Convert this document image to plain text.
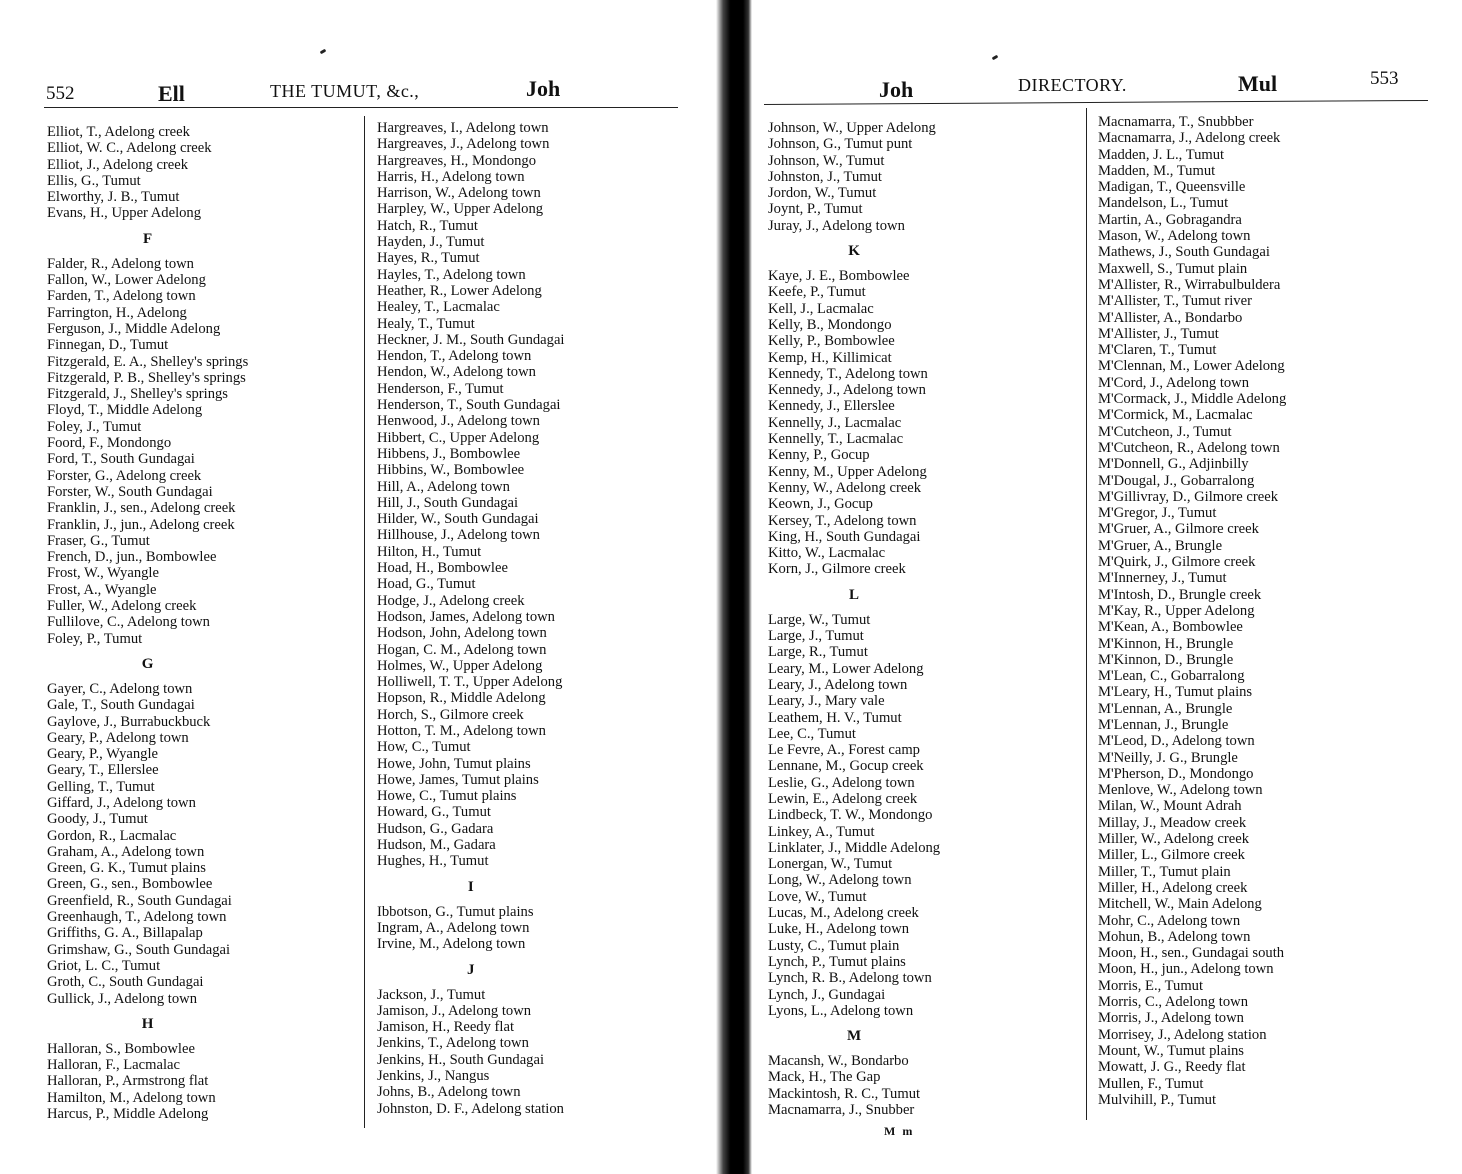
552	Ell	THE TUMUT, &c.,	Joh
Elliot, T., Adelong creek
Elliot, W. C., Adelong creek
Elliot, J., Adelong creek
Ellis, G., Tumut
Elworthy, J. B., Tumut
Evans, H., Upper Adelong
F
Falder, R., Adelong town
Fallon, W., Lower Adelong
Farden, T., Adelong town
Farrington, H., Adelong
Ferguson, J., Middle Adelong
Finnegan, D., Tumut
Fitzgerald, E. A., Shelley's springs
Fitzgerald, P. B., Shelley's springs
Fitzgerald, J., Shelley's springs
Floyd, T., Middle Adelong
Foley, J., Tumut
Foord, F., Mondongo
Ford, T., South Gundagai
Forster, G., Adelong creek
Forster, W., South Gundagai
Franklin, J., sen., Adelong creek
Franklin, J., jun., Adelong creek
Fraser, G., Tumut
French, D., jun., Bombowlee
Frost, W., Wyangle
Frost, A., Wyangle
Fuller, W., Adelong creek
Fullilove, C., Adelong town
Foley, P., Tumut
G
Gayer, C., Adelong town
Gale, T., South Gundagai
Gaylove, J., Burrabuckbuck
Geary, P., Adelong town
Geary, P., Wyangle
Geary, T., Ellerslee
Gelling, T., Tumut
Giffard, J., Adelong town
Goody, J., Tumut
Gordon, R., Lacmalac
Graham, A., Adelong town
Green, G. K., Tumut plains
Green, G., sen., Bombowlee
Greenfield, R., South Gundagai
Greenhaugh, T., Adelong town
Griffiths, G. A., Billapalap
Grimshaw, G., South Gundagai
Griot, L. C., Tumut
Groth, C., South Gundagai
Gullick, J., Adelong town
H
Halloran, S., Bombowlee
Halloran, F., Lacmalac
Halloran, P., Armstrong flat
Hamilton, M., Adelong town
Harcus, P., Middle Adelong
Hargreaves, I., Adelong town
Hargreaves, J., Adelong town
Hargreaves, H., Mondongo
Harris, H., Adelong town
Harrison, W., Adelong town
Harpley, W., Upper Adelong
Hatch, R., Tumut
Hayden, J., Tumut
Hayes, R., Tumut
Hayles, T., Adelong town
Heather, R., Lower Adelong
Healey, T., Lacmalac
Healy, T., Tumut
Heckner, J. M., South Gundagai
Hendon, T., Adelong town
Hendon, W., Adelong town
Henderson, F., Tumut
Henderson, T., South Gundagai
Henwood, J., Adelong town
Hibbert, C., Upper Adelong
Hibbens, J., Bombowlee
Hibbins, W., Bombowlee
Hill, A., Adelong town
Hill, J., South Gundagai
Hilder, W., South Gundagai
Hillhouse, J., Adelong town
Hilton, H., Tumut
Hoad, H., Bombowlee
Hoad, G., Tumut
Hodge, J., Adelong creek
Hodson, James, Adelong town
Hodson, John, Adelong town
Hogan, C. M., Adelong town
Holmes, W., Upper Adelong
Holliwell, T. T., Upper Adelong
Hopson, R., Middle Adelong
Horch, S., Gilmore creek
Hotton, T. M., Adelong town
How, C., Tumut
Howe, John, Tumut plains
Howe, James, Tumut plains
Howe, C., Tumut plains
Howard, G., Tumut
Hudson, G., Gadara
Hudson, M., Gadara
Hughes, H., Tumut
I
Ibbotson, G., Tumut plains
Ingram, A., Adelong town
Irvine, M., Adelong town
J
Jackson, J., Tumut
Jamison, J., Adelong town
Jamison, H., Reedy flat
Jenkins, T., Adelong town
Jenkins, H., South Gundagai
Jenkins, J., Nangus
Johns, B., Adelong town
Johnston, D. F., Adelong station
Joh	DIRECTORY.	Mul	553
Johnson, W., Upper Adelong
Johnson, G., Tumut punt
Johnson, W., Tumut
Johnston, J., Tumut
Jordon, W., Tumut
Joynt, P., Tumut
Juray, J., Adelong town
K
Kaye, J. E., Bombowlee
Keefe, P., Tumut
Kell, J., Lacmalac
Kelly, B., Mondongo
Kelly, P., Bombowlee
Kemp, H., Killimicat
Kennedy, T., Adelong town
Kennedy, J., Adelong town
Kennedy, J., Ellerslee
Kennelly, J., Lacmalac
Kennelly, T., Lacmalac
Kenny, P., Gocup
Kenny, M., Upper Adelong
Kenny, W., Adelong creek
Keown, J., Gocup
Kersey, T., Adelong town
King, H., South Gundagai
Kitto, W., Lacmalac
Korn, J., Gilmore creek
L
Large, W., Tumut
Large, J., Tumut
Large, R., Tumut
Leary, M., Lower Adelong
Leary, J., Adelong town
Leary, J., Mary vale
Leathem, H. V., Tumut
Lee, C., Tumut
Le Fevre, A., Forest camp
Lennane, M., Gocup creek
Leslie, G., Adelong town
Lewin, E., Adelong creek
Lindbeck, T. W., Mondongo
Linkey, A., Tumut
Linklater, J., Middle Adelong
Lonergan, W., Tumut
Long, W., Adelong town
Love, W., Tumut
Lucas, M., Adelong creek
Luke, H., Adelong town
Lusty, C., Tumut plain
Lynch, P., Tumut plains
Lynch, R. B., Adelong town
Lynch, J., Gundagai
Lyons, L., Adelong town
M
Macansh, W., Bondarbo
Mack, H., The Gap
Mackintosh, R. C., Tumut
Macnamarra, J., Snubber
Macnamarra, T., Snubbber
Macnamarra, J., Adelong creek
Madden, J. L., Tumut
Madden, M., Tumut
Madigan, T., Queensville
Mandelson, L., Tumut
Martin, A., Gobragandra
Mason, W., Adelong town
Mathews, J., South Gundagai
Maxwell, S., Tumut plain
M'Allister, R., Wirrabulbuldera
M'Allister, T., Tumut river
M'Allister, A., Bondarbo
M'Allister, J., Tumut
M'Claren, T., Tumut
M'Clennan, M., Lower Adelong
M'Cord, J., Adelong town
M'Cormack, J., Middle Adelong
M'Cormick, M., Lacmalac
M'Cutcheon, J., Tumut
M'Cutcheon, R., Adelong town
M'Donnell, G., Adjinbilly
M'Dougal, J., Gobarralong
M'Gillivray, D., Gilmore creek
M'Gregor, J., Tumut
M'Gruer, A., Gilmore creek
M'Gruer, A., Brungle
M'Quirk, J., Gilmore creek
M'Innerney, J., Tumut
M'Intosh, D., Brungle creek
M'Kay, R., Upper Adelong
M'Kean, A., Bombowlee
M'Kinnon, H., Brungle
M'Kinnon, D., Brungle
M'Lean, C., Gobarralong
M'Leary, H., Tumut plains
M'Lennan, A., Brungle
M'Lennan, J., Brungle
M'Leod, D., Adelong town
M'Neilly, J. G., Brungle
M'Pherson, D., Mondongo
Menlove, W., Adelong town
Milan, W., Mount Adrah
Millay, J., Meadow creek
Miller, W., Adelong creek
Miller, L., Gilmore creek
Miller, T., Tumut plain
Miller, H., Adelong creek
Mitchell, W., Main Adelong
Mohr, C., Adelong town
Mohun, B., Adelong town
Moon, H., sen., Gundagai south
Moon, H., jun., Adelong town
Morris, E., Tumut
Morris, C., Adelong town
Morris, J., Adelong town
Morrisey, J., Adelong station
Mount, W., Tumut plains
Mowatt, J. G., Reedy flat
Mullen, F., Tumut
Mulvihill, P., Tumut
M m
